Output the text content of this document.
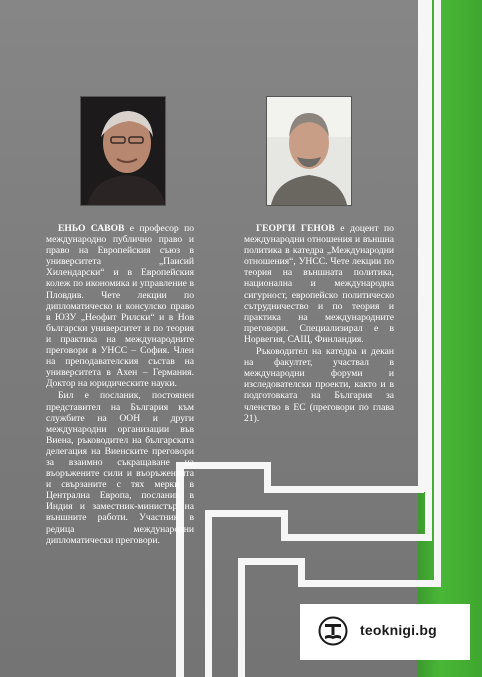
ЕНЬО САВОВ е професор по международно публично право и право на Европейския съюз в университета „Паисий Хилендарски“ и в Европейския колеж по икономика и управление в Пловдив. Чете лекции по дипломатическо и консулско право в ЮЗУ „Неофит Рилски“ и в Нов български университет и по теория и практика на международните преговори в УНСС – София. Член на преподавателския състав на университета в Ахен – Германия. Доктор на юридическите науки.

Бил е посланик, постоянен представител на България към службите на ООН и други международни организации във Виена, ръководител на българската делегация на Виенските преговори за взаимно съкращаване на въоръжените сили и въоръженията и свързаните с тях мерки в Централна Европа, посланик в Индия и заместник-министър на външните работи. Участник в редица международни дипломатически преговори.

ГЕОРГИ ГЕНОВ е доцент по международни отношения и външна политика в катедра „Международни отношения“, УНСС. Чете лекции по теория на външната политика, национална и международна сигурност, европейско политическо сътрудничество и по теория и практика на международните преговори. Специализирал е в Норвегия, САЩ, Финландия.

Ръководител на катедра и декан на факултет, участвал в международни форуми и изследователски проекти, както и в подготовката на България за членство в ЕС (преговори по глава 21).

teoknigi.bg
